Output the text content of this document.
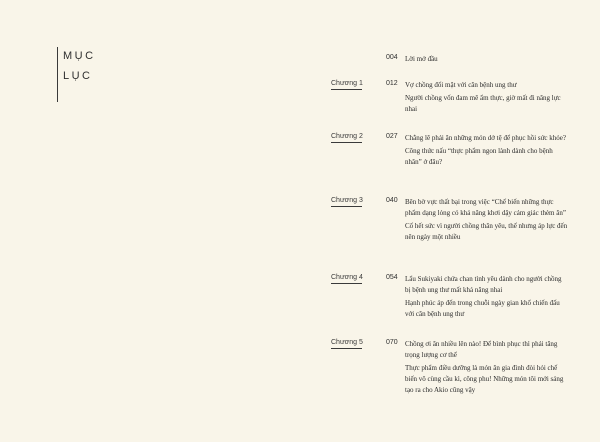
MỤC
LỤC
004 Lời mở đầu

Chương 1	012 Vợ chồng đối mặt với căn bệnh ung thư

Người chồng vốn đam mê ẩm thực, giờ mất đi năng lực nhai

Chương 2	027 Chẳng lẽ phải ăn những món dở tệ để phục hồi sức khỏe?

Công thức nấu “thực phẩm ngon lành dành cho bệnh nhân” ở đâu?

Chương 3	040 Bên bờ vực thất bại trong việc “Chế biến những thực phẩm dạng lỏng có khả năng khơi dậy cảm giác thèm ăn”

Cố hết sức vì người chồng thân yêu, thế nhưng áp lực đến nên ngày một nhiều

Chương 4	054 Lẩu Sukiyaki chứa chan tình yêu dành cho người chồng bị bệnh ung thư mất khả năng nhai

Hạnh phúc áp đến trong chuỗi ngày gian khổ chiến đấu với căn bệnh ung thư

Chương 5	070 Chồng ơi ăn nhiều lên nào! Để bình phục thì phải tăng trọng lượng cơ thể

Thực phẩm điều dưỡng là món ăn gia đình đòi hỏi chế biến vô cùng cầu kì, công phu! Những món tôi mới sáng tạo ra cho Akio cũng vậy
